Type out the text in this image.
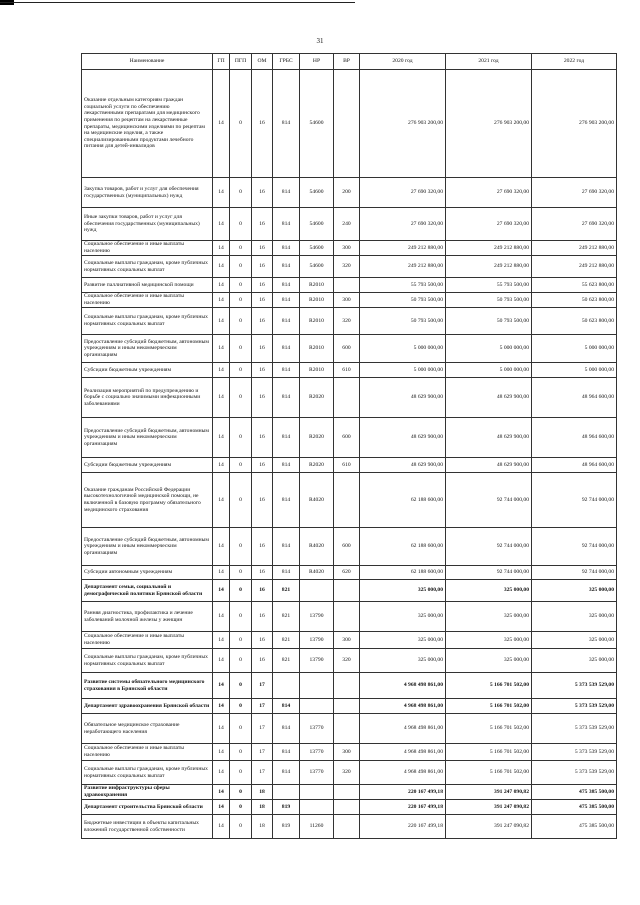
31
Наименование	ГП	ПГП	ОМ	ГРБС	НР	ВР	2020 год	2021 год	2022 год
Оказание отдельным категориям граждан социальной услуги по обеспечению лекарственными препаратами для медицинского применения по рецептам на лекарственные препараты, медицинскими изделиями по рецептам на медицинские изделия, а также специализированными продуктами лечебного питания для детей-инвалидов	14	0	16	814	54600		276 903 200,00	276 903 200,00	276 903 200,00
Закупка товаров, работ и услуг для обеспечения государственных (муниципальных) нужд	14	0	16	814	54600	200	27 690 320,00	27 690 320,00	27 690 320,00
Иные закупки товаров, работ и услуг для обеспечения государственных (муниципальных) нужд	14	0	16	814	54600	240	27 690 320,00	27 690 320,00	27 690 320,00
Социальное обеспечение и иные выплаты населению	14	0	16	814	54600	300	249 212 880,00	249 212 880,00	249 212 880,00
Социальные выплаты гражданам, кроме публичных нормативных социальных выплат	14	0	16	814	54600	320	249 212 880,00	249 212 880,00	249 212 880,00
Развитие паллиативной медицинской помощи	14	0	16	814	R2010		55 793 500,00	55 793 500,00	55 623 800,00
Социальное обеспечение и иные выплаты населению	14	0	16	814	R2010	300	50 793 500,00	50 793 500,00	50 623 800,00
Социальные выплаты гражданам, кроме публичных нормативных социальных выплат	14	0	16	814	R2010	320	50 793 500,00	50 793 500,00	50 623 800,00
Предоставление субсидий бюджетным, автономным учреждениям и иным некоммерческим организациям	14	0	16	814	R2010	600	5 000 000,00	5 000 000,00	5 000 000,00
Субсидии бюджетным учреждениям	14	0	16	814	R2010	610	5 000 000,00	5 000 000,00	5 000 000,00
Реализация мероприятий по предупреждению и борьбе с социально значимыми инфекционными заболеваниями	14	0	16	814	R2020		48 629 900,00	48 629 900,00	48 964 600,00
Предоставление субсидий бюджетным, автономным учреждениям и иным некоммерческим организациям	14	0	16	814	R2020	600	48 629 900,00	48 629 900,00	48 964 600,00
Субсидии бюджетным учреждениям	14	0	16	814	R2020	610	48 629 900,00	48 629 900,00	48 964 600,00
Оказание гражданам Российской Федерации высокотехнологичной медицинской помощи, не включенной в базовую программу обязательного медицинского страхования	14	0	16	814	R4020		62 188 600,00	92 744 000,00	92 744 000,00
Предоставление субсидий бюджетным, автономным учреждениям и иным некоммерческим организациям	14	0	16	814	R4020	600	62 188 600,00	92 744 000,00	92 744 000,00
Субсидии автономным учреждениям	14	0	16	814	R4020	620	62 188 600,00	92 744 000,00	92 744 000,00
Департамент семьи, социальной и демографической политики Брянской области	14	0	16	821			325 000,00	325 000,00	325 000,00
Ранняя диагностика, профилактика и лечение заболеваний молочной железы у женщин	14	0	16	821	13790		325 000,00	325 000,00	325 000,00
Социальное обеспечение и иные выплаты населению	14	0	16	821	13790	300	325 000,00	325 000,00	325 000,00
Социальные выплаты гражданам, кроме публичных нормативных социальных выплат	14	0	16	821	13790	320	325 000,00	325 000,00	325 000,00
Развитие системы обязательного медицинского страхования в Брянской области	14	0	17				4 968 498 861,00	5 166 701 502,00	5 373 539 529,00
Департамент здравоохранения Брянской области	14	0	17	814			4 968 498 861,00	5 166 701 502,00	5 373 539 529,00
Обязательное медицинское страхование неработающего населения	14	0	17	814	13770		4 968 498 861,00	5 166 701 502,00	5 373 539 529,00
Социальное обеспечение и иные выплаты населению	14	0	17	814	13770	300	4 968 498 861,00	5 166 701 502,00	5 373 539 529,00
Социальные выплаты гражданам, кроме публичных нормативных социальных выплат	14	0	17	814	13770	320	4 968 498 861,00	5 166 701 502,00	5 373 539 529,00
Развитие инфраструктуры сферы здравоохранения	14	0	18				220 167 499,18	391 247 090,82	475 385 500,00
Департамент строительства Брянской области	14	0	18	819			220 167 499,18	391 247 090,82	475 385 500,00
Бюджетные инвестиции в объекты капитальных вложений государственной собственности	14	0	18	819	11260		220 167 499,18	391 247 090,82	475 385 500,00
